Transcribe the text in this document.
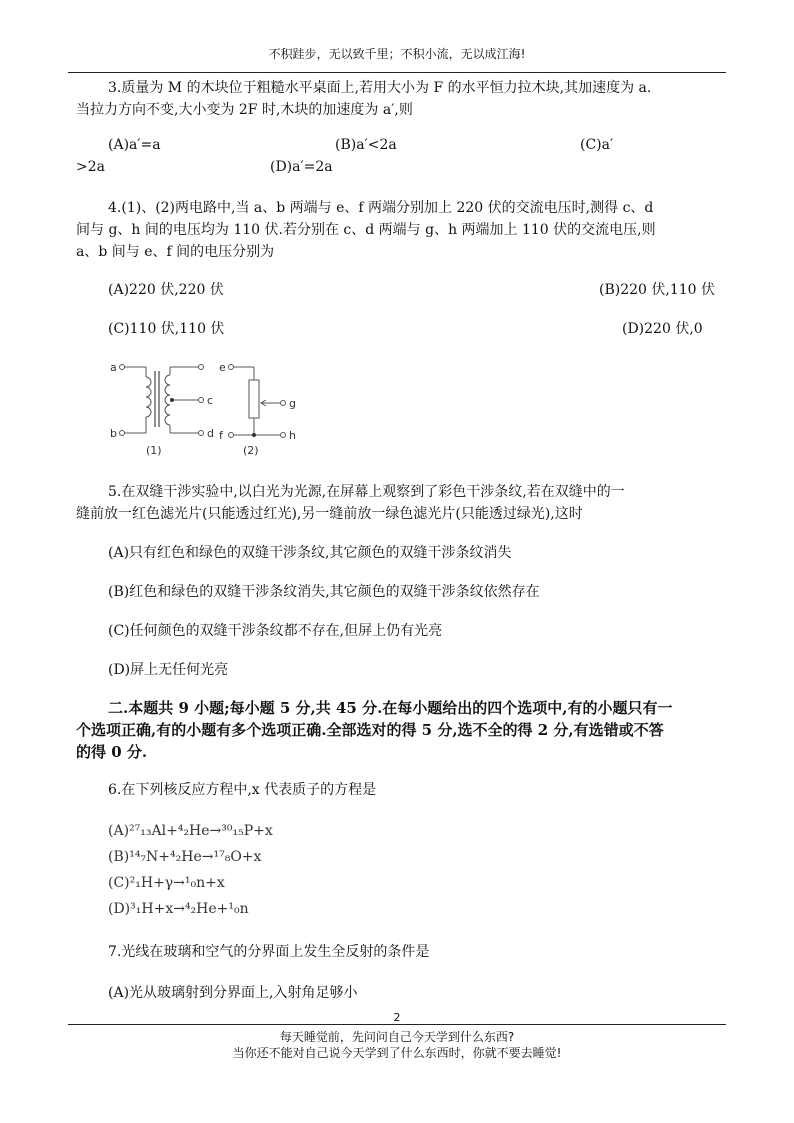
不积跬步，无以致千里；不积小流，无以成江海!
3.质量为 M 的木块位于粗糙水平桌面上,若用大小为 F 的水平恒力拉木块,其加速度为 a.
当拉力方向不变,大小变为 2F 时,木块的加速度为 a′,则
(A)a′=a	(B)a′<2a	(C)a′
>2a	(D)a′=2a
4.(1)、(2)两电路中,当 a、b 两端与 e、f 两端分别加上 220 伏的交流电压时,测得 c、d
间与 g、h 间的电压均为 110 伏.若分别在 c、d 两端与 g、h 两端加上 110 伏的交流电压,则
a、b 间与 e、f 间的电压分别为
(A)220 伏,220 伏	(B)220 伏,110 伏
(C)110 伏,110 伏	(D)220 伏,0
a
b
c
d
e
f
g
h
(1)	(2)
5.在双缝干涉实验中,以白光为光源,在屏幕上观察到了彩色干涉条纹,若在双缝中的一
缝前放一红色滤光片(只能透过红光),另一缝前放一绿色滤光片(只能透过绿光),这时
(A)只有红色和绿色的双缝干涉条纹,其它颜色的双缝干涉条纹消失
(B)红色和绿色的双缝干涉条纹消失,其它颜色的双缝干涉条纹依然存在
(C)任何颜色的双缝干涉条纹都不存在,但屏上仍有光亮
(D)屏上无任何光亮
二.本题共 9 小题;每小题 5 分,共 45 分.在每小题给出的四个选项中,有的小题只有一
个选项正确,有的小题有多个选项正确.全部选对的得 5 分,选不全的得 2 分,有选错或不答
的得 0 分.
6.在下列核反应方程中,x 代表质子的方程是
(A)²⁷₁₃Al+⁴₂He→³⁰₁₅P+x
(B)¹⁴₇N+⁴₂He→¹⁷₈O+x
(C)²₁H+γ→¹₀n+x
(D)³₁H+x→⁴₂He+¹₀n
7.光线在玻璃和空气的分界面上发生全反射的条件是
(A)光从玻璃射到分界面上,入射角足够小
2
每天睡觉前，先问问自己今天学到什么东西?
当你还不能对自己说今天学到了什么东西时，你就不要去睡觉!
